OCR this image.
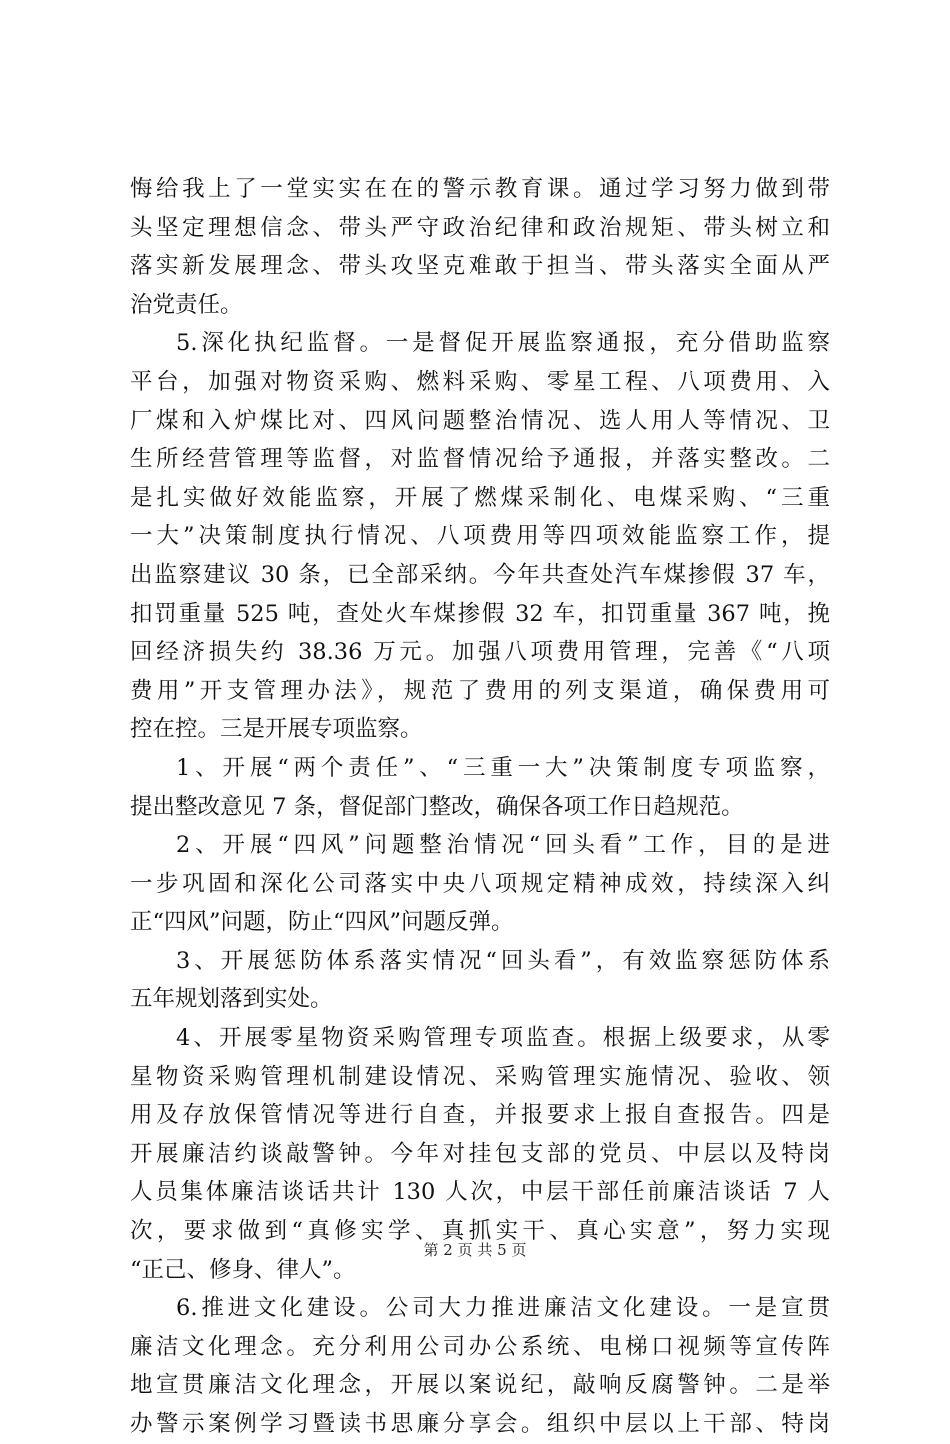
悔给我上了一堂实实在在的警示教育课。通过学习努力做到带
头坚定理想信念、带头严守政治纪律和政治规矩、带头树立和
落实新发展理念、带头攻坚克难敢于担当、带头落实全面从严
治党责任。
5.深化执纪监督。一是督促开展监察通报，充分借助监察
平台，加强对物资采购、燃料采购、零星工程、八项费用、入
厂煤和入炉煤比对、四风问题整治情况、选人用人等情况、卫
生所经营管理等监督，对监督情况给予通报，并落实整改。二
是扎实做好效能监察，开展了燃煤采制化、电煤采购、“三重
一大”决策制度执行情况、八项费用等四项效能监察工作，提
出监察建议 30 条，已全部采纳。今年共查处汽车煤掺假 37 车，
扣罚重量 525 吨，查处火车煤掺假 32 车，扣罚重量 367 吨，挽
回经济损失约 38.36 万元。加强八项费用管理，完善《“八项
费用”开支管理办法》，规范了费用的列支渠道，确保费用可
控在控。三是开展专项监察。
1、开展“两个责任”、“三重一大”决策制度专项监察，
提出整改意见 7 条，督促部门整改，确保各项工作日趋规范。
2、开展“四风”问题整治情况“回头看”工作，目的是进
一步巩固和深化公司落实中央八项规定精神成效，持续深入纠
正“四风”问题，防止“四风”问题反弹。
3、开展惩防体系落实情况“回头看”，有效监察惩防体系
五年规划落到实处。
4、开展零星物资采购管理专项监查。根据上级要求，从零
星物资采购管理机制建设情况、采购管理实施情况、验收、领
用及存放保管情况等进行自查，并报要求上报自查报告。四是
开展廉洁约谈敲警钟。今年对挂包支部的党员、中层以及特岗
人员集体廉洁谈话共计 130 人次，中层干部任前廉洁谈话 7 人
次，要求做到“真修实学、真抓实干、真心实意”，努力实现
“正己、修身、律人”。
6.推进文化建设。公司大力推进廉洁文化建设。一是宣贯
廉洁文化理念。充分利用公司办公系统、电梯口视频等宣传阵
地宣贯廉洁文化理念，开展以案说纪，敲响反腐警钟。二是举
办警示案例学习暨读书思廉分享会。组织中层以上干部、特岗
第 2 页 共 5 页
